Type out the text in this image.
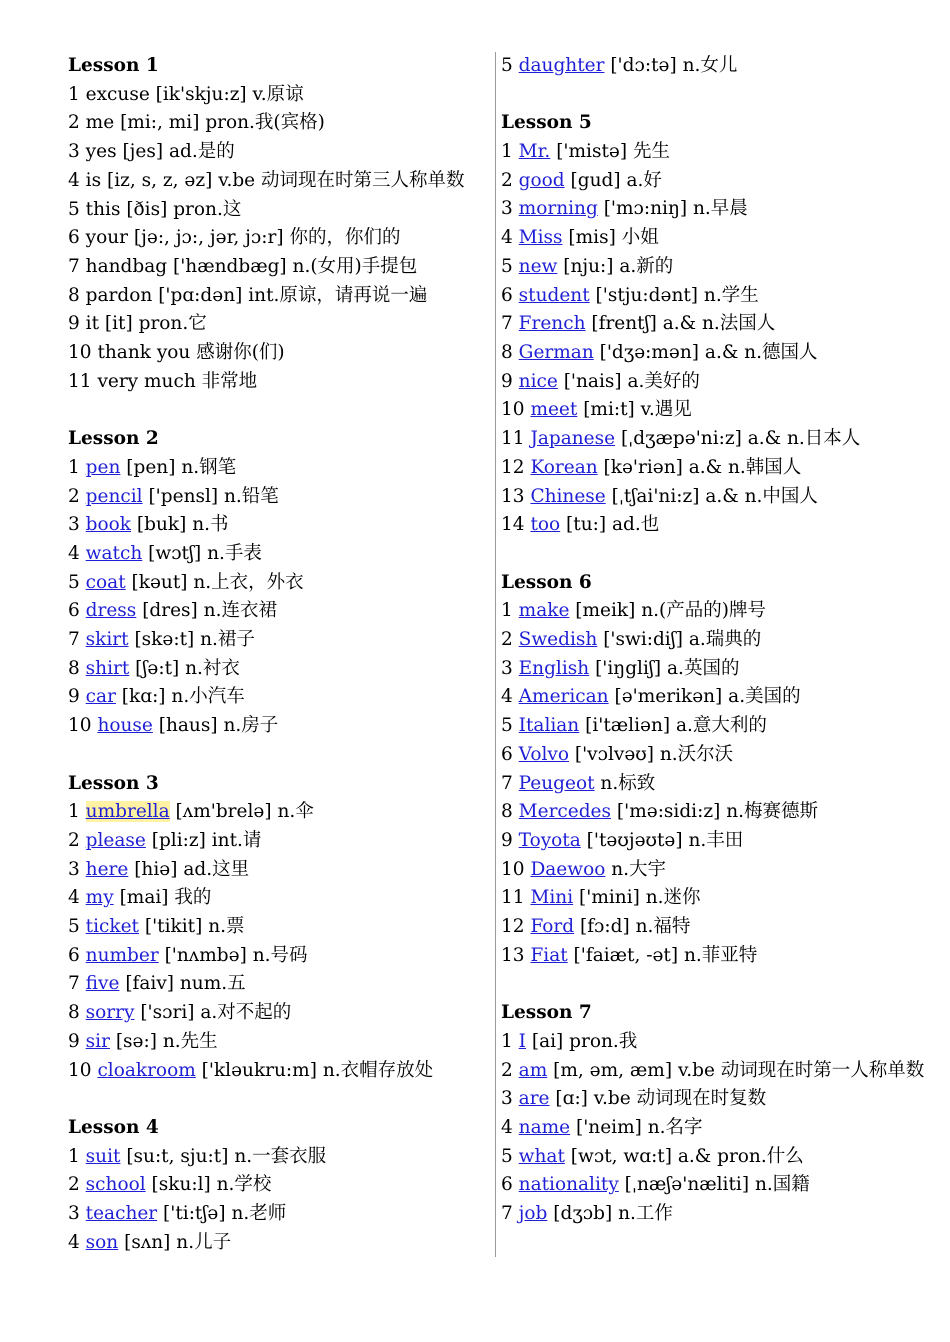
Lesson 1
1 excuse [ik'skju:z] v.原谅
2 me [mi:, mi] pron.我(宾格)
3 yes [jes] ad.是的
4 is [iz, s, z, əz] v.be 动词现在时第三人称单数
5 this [ðis] pron.这
6 your [jə:, jɔ:, jər, jɔ:r] 你的，你们的
7 handbag ['hændbæg] n.(女用)手提包
8 pardon ['pɑ:dən] int.原谅，请再说一遍
9 it [it] pron.它
10 thank you 感谢你(们)
11 very much 非常地
Lesson 2
1 pen [pen] n.钢笔
2 pencil ['pensl] n.铅笔
3 book [buk] n.书
4 watch [wɔtʃ] n.手表
5 coat [kəut] n.上衣，外衣
6 dress [dres] n.连衣裙
7 skirt [skə:t] n.裙子
8 shirt [ʃə:t] n.衬衣
9 car [kɑ:] n.小汽车
10 house [haus] n.房子
Lesson 3
1 umbrella [ʌm'brelə] n.伞
2 please [pli:z] int.请
3 here [hiə] ad.这里
4 my [mai] 我的
5 ticket ['tikit] n.票
6 number ['nʌmbə] n.号码
7 five [faiv] num.五
8 sorry ['sɔri] a.对不起的
9 sir [sə:] n.先生
10 cloakroom ['kləukru:m] n.衣帽存放处
Lesson 4
1 suit [su:t, sju:t] n.一套衣服
2 school [sku:l] n.学校
3 teacher ['ti:tʃə] n.老师
4 son [sʌn] n.儿子
5 daughter ['dɔ:tə] n.女儿
Lesson 5
1 Mr. ['mistə] 先生
2 good [gud] a.好
3 morning ['mɔ:niŋ] n.早晨
4 Miss [mis] 小姐
5 new [nju:] a.新的
6 student ['stju:dənt] n.学生
7 French [frentʃ] a.& n.法国人
8 German ['dʒə:mən] a.& n.德国人
9 nice ['nais] a.美好的
10 meet [mi:t] v.遇见
11 Japanese [ˌdʒæpə'ni:z] a.& n.日本人
12 Korean [kə'riən] a.& n.韩国人
13 Chinese [ˌtʃai'ni:z] a.& n.中国人
14 too [tu:] ad.也
Lesson 6
1 make [meik] n.(产品的)牌号
2 Swedish ['swi:diʃ] a.瑞典的
3 English ['iŋgliʃ] a.英国的
4 American [ə'merikən] a.美国的
5 Italian [i'tæliən] a.意大利的
6 Volvo ['vɔlvəʊ] n.沃尔沃
7 Peugeot n.标致
8 Mercedes ['mə:sidi:z] n.梅赛德斯
9 Toyota ['təʊjəʊtə] n.丰田
10 Daewoo n.大宇
11 Mini ['mini] n.迷你
12 Ford [fɔ:d] n.福特
13 Fiat ['faiæt, -ət] n.菲亚特
Lesson 7
1 I [ai] pron.我
2 am [m, əm, æm] v.be 动词现在时第一人称单数
3 are [ɑ:] v.be 动词现在时复数
4 name ['neim] n.名字
5 what [wɔt, wɑ:t] a.& pron.什么
6 nationality [ˌnæʃə'næliti] n.国籍
7 job [dʒɔb] n.工作
